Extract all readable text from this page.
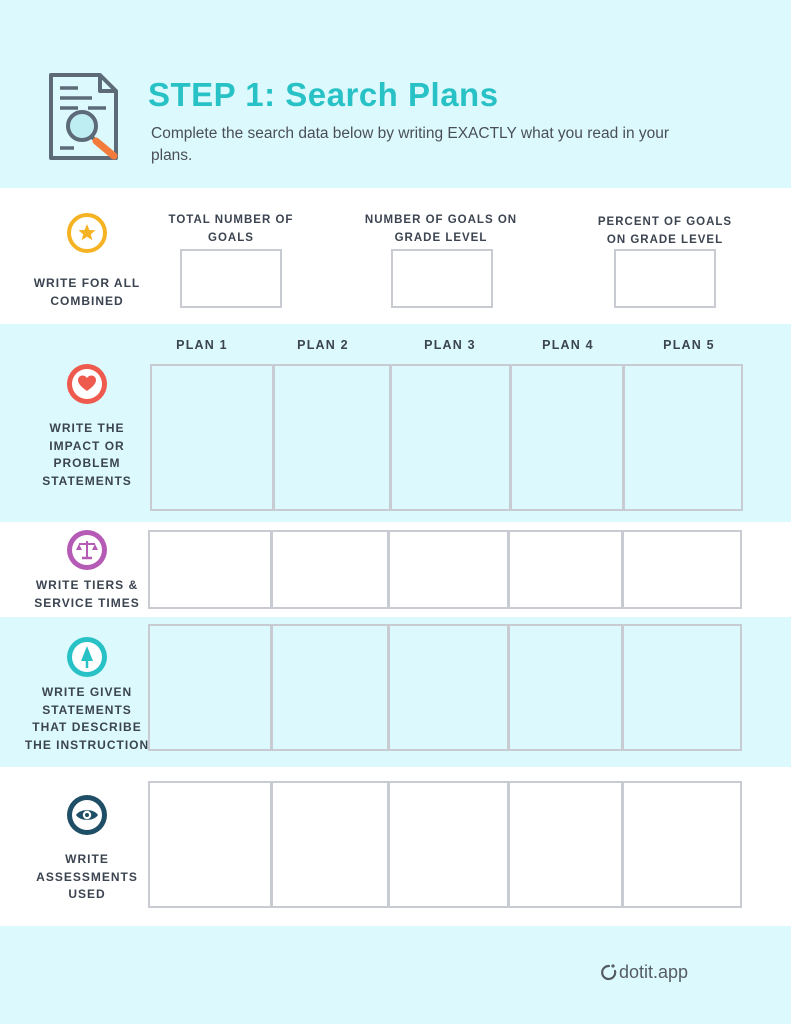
STEP 1: Search Plans
Complete the search data below by writing EXACTLY what you read in your plans.
WRITE FOR ALL COMBINED
TOTAL NUMBER OF GOALS
NUMBER OF GOALS ON GRADE LEVEL
PERCENT OF GOALS ON GRADE LEVEL
PLAN 1	PLAN 2	PLAN 3	PLAN 4	PLAN 5
WRITE THE IMPACT OR PROBLEM STATEMENTS
WRITE TIERS & SERVICE TIMES
WRITE GIVEN STATEMENTS THAT DESCRIBE THE INSTRUCTION
WRITE ASSESSMENTS USED
dotit.app
